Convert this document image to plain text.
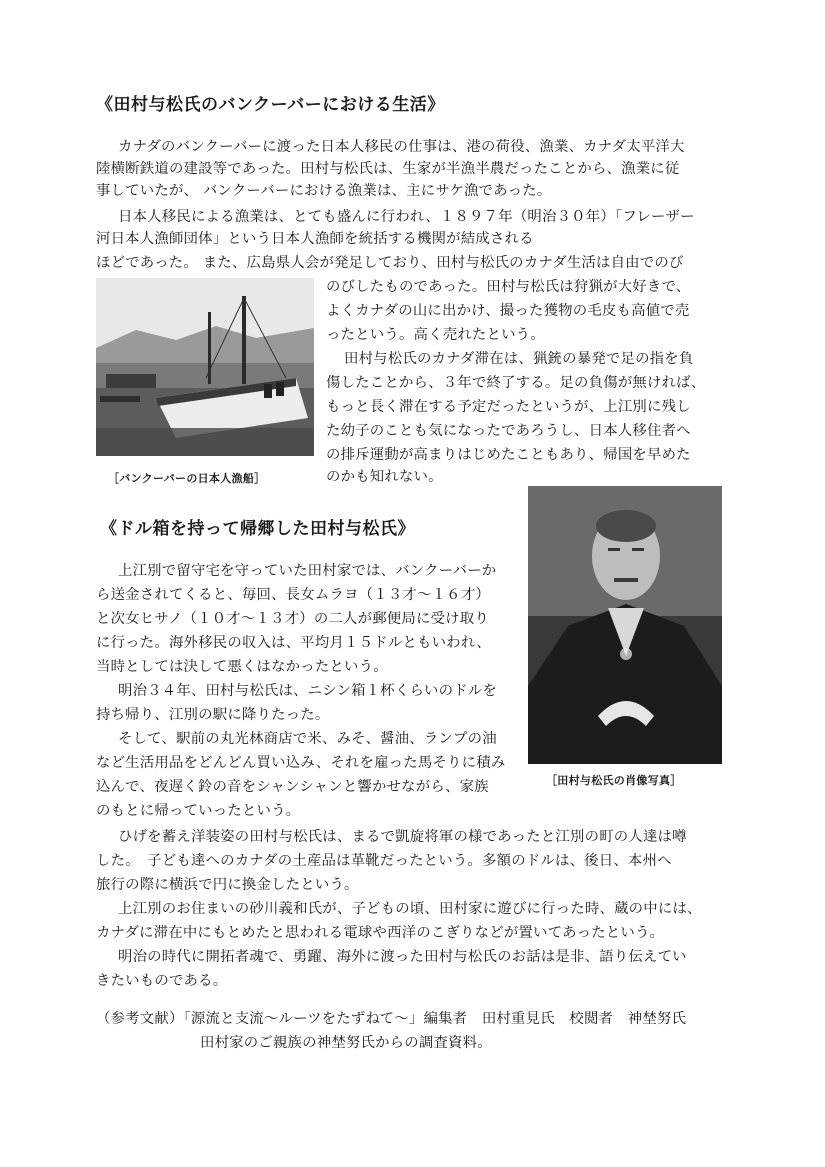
《田村与松氏のバンクーバーにおける生活》

カナダのバンクーバーに渡った日本人移民の仕事は、港の荷役、漁業、カナダ太平洋大

陸横断鉄道の建設等であった。田村与松氏は、生家が半漁半農だったことから、漁業に従

事していたが、 バンクーバーにおける漁業は、主にサケ漁であった。

日本人移民による漁業は、とても盛んに行われ、１８９７年（明治３０年）「フレーザー

河日本人漁師団体」という日本人漁師を統括する機関が結成される

ほどであった。 また、広島県人会が発足しており、田村与松氏のカナダ生活は自由でのび

のびしたものであった。田村与松氏は狩猟が大好きで、

よくカナダの山に出かけ、撮った獲物の毛皮も高値で売

ったという。高く売れたという。

田村与松氏のカナダ滞在は、猟銃の暴発で足の指を負

傷したことから、３年で終了する。足の負傷が無ければ、

もっと長く滞在する予定だったというが、上江別に残し

た幼子のことも気になったであろうし、日本人移住者へ

の排斥運動が高まりはじめたこともあり、帰国を早めた

のかも知れない。

［バンクーバーの日本人漁船］
《ドル箱を持って帰郷した田村与松氏》

上江別で留守宅を守っていた田村家では、バンクーバーか

ら送金されてくると、毎回、長女ムラヨ（１３才～１６才）

と次女ヒサノ（１０才～１３才）の二人が郵便局に受け取り

に行った。海外移民の収入は、平均月１５ドルともいわれ、

当時としては決して悪くはなかったという。

明治３４年、田村与松氏は、ニシン箱１杯くらいのドルを

持ち帰り、江別の駅に降りたった。

そして、駅前の丸光林商店で米、みそ、醤油、ランプの油

など生活用品をどんどん買い込み、それを雇った馬そりに積み

込んで、夜遅く鈴の音をシャンシャンと響かせながら、家族

のもとに帰っていったという。

［田村与松氏の肖像写真］

ひげを蓄え洋装姿の田村与松氏は、まるで凱旋将軍の様であったと江別の町の人達は噂

した。　子ども達へのカナダの土産品は革靴だったという。多額のドルは、後日、本州へ

旅行の際に横浜で円に換金したという。

上江別のお住まいの砂川義和氏が、子どもの頃、田村家に遊びに行った時、蔵の中には、

カナダに滞在中にもとめたと思われる電球や西洋のこぎりなどが置いてあったという。

明治の時代に開拓者魂で、勇躍、海外に渡った田村与松氏のお話は是非、語り伝えてい

きたいものである。

（参考文献）「源流と支流～ルーツをたずねて～」編集者　田村重見氏　校閲者　神埜努氏

田村家のご親族の神埜努氏からの調査資料。
